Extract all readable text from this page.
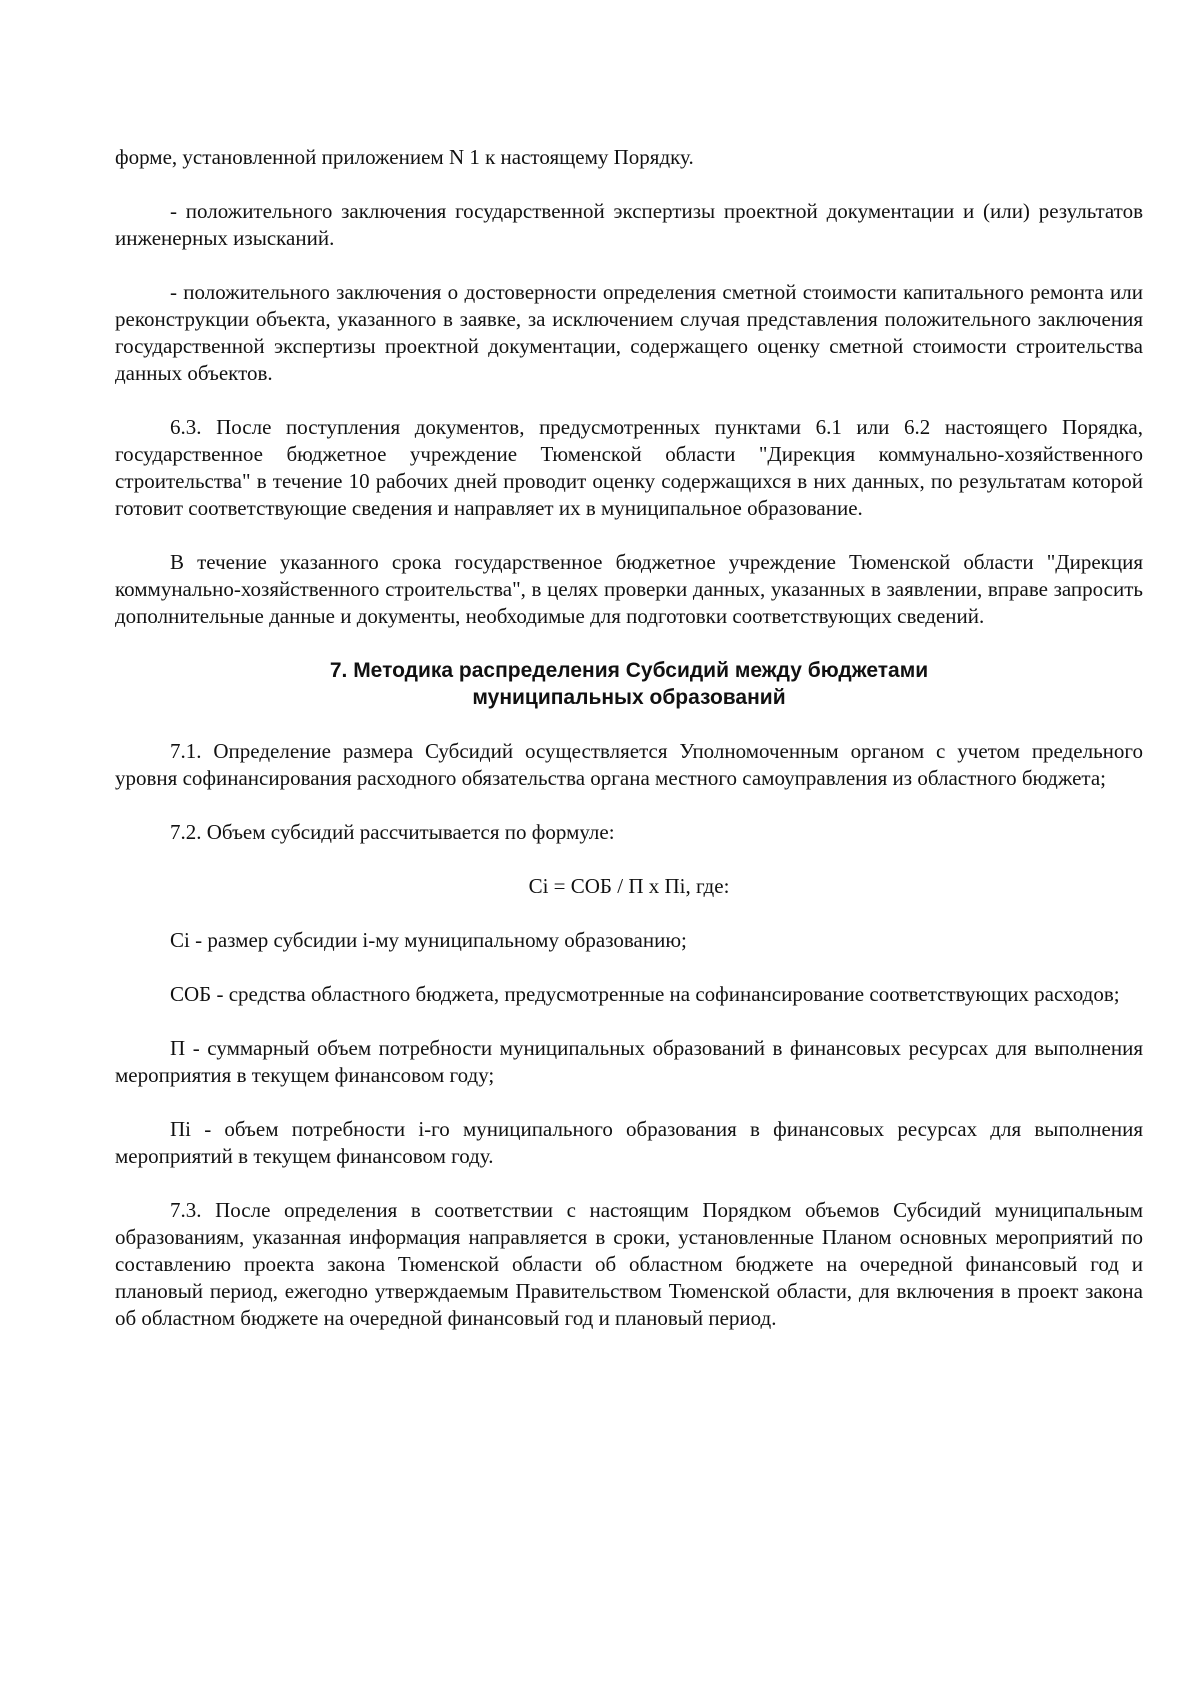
форме, установленной приложением N 1 к настоящему Порядку.

- положительного заключения государственной экспертизы проектной документации и (или) результатов инженерных изысканий.

- положительного заключения о достоверности определения сметной стоимости капитального ремонта или реконструкции объекта, указанного в заявке, за исключением случая представления положительного заключения государственной экспертизы проектной документации, содержащего оценку сметной стоимости строительства данных объектов.

6.3. После поступления документов, предусмотренных пунктами 6.1 или 6.2 настоящего Порядка, государственное бюджетное учреждение Тюменской области "Дирекция коммунально-хозяйственного строительства" в течение 10 рабочих дней проводит оценку содержащихся в них данных, по результатам которой готовит соответствующие сведения и направляет их в муниципальное образование.

В течение указанного срока государственное бюджетное учреждение Тюменской области "Дирекция коммунально-хозяйственного строительства", в целях проверки данных, указанных в заявлении, вправе запросить дополнительные данные и документы, необходимые для подготовки соответствующих сведений.

7. Методика распределения Субсидий между бюджетами
муниципальных образований

7.1. Определение размера Субсидий осуществляется Уполномоченным органом с учетом предельного уровня софинансирования расходного обязательства органа местного самоуправления из областного бюджета;

7.2. Объем субсидий рассчитывается по формуле:

Ci = СОБ / П х Пi, где:

Ci - размер субсидии i-му муниципальному образованию;

СОБ - средства областного бюджета, предусмотренные на софинансирование соответствующих расходов;

П - суммарный объем потребности муниципальных образований в финансовых ресурсах для выполнения мероприятия в текущем финансовом году;

Пi - объем потребности i-го муниципального образования в финансовых ресурсах для выполнения мероприятий в текущем финансовом году.

7.3. После определения в соответствии с настоящим Порядком объемов Субсидий муниципальным образованиям, указанная информация направляется в сроки, установленные Планом основных мероприятий по составлению проекта закона Тюменской области об областном бюджете на очередной финансовый год и плановый период, ежегодно утверждаемым Правительством Тюменской области, для включения в проект закона об областном бюджете на очередной финансовый год и плановый период.
